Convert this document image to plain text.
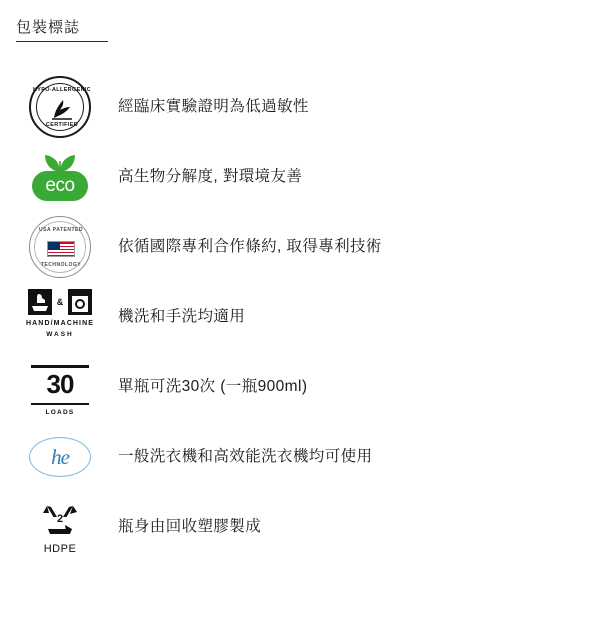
包裝標誌
HYPO-ALLERGENIC
CERTIFIED
經臨床實驗證明為低過敏性
eco	高生物分解度, 對環境友善
USA PATENTED
TECHNOLOGY
依循國際專利合作條約, 取得專利技術
&
HAND/MACHINE
WASH
機洗和手洗均適用
30
LOADS
單瓶可洗30次 (一瓶900ml)
he	一般洗衣機和高效能洗衣機均可使用
2
HDPE
瓶身由回收塑膠製成
